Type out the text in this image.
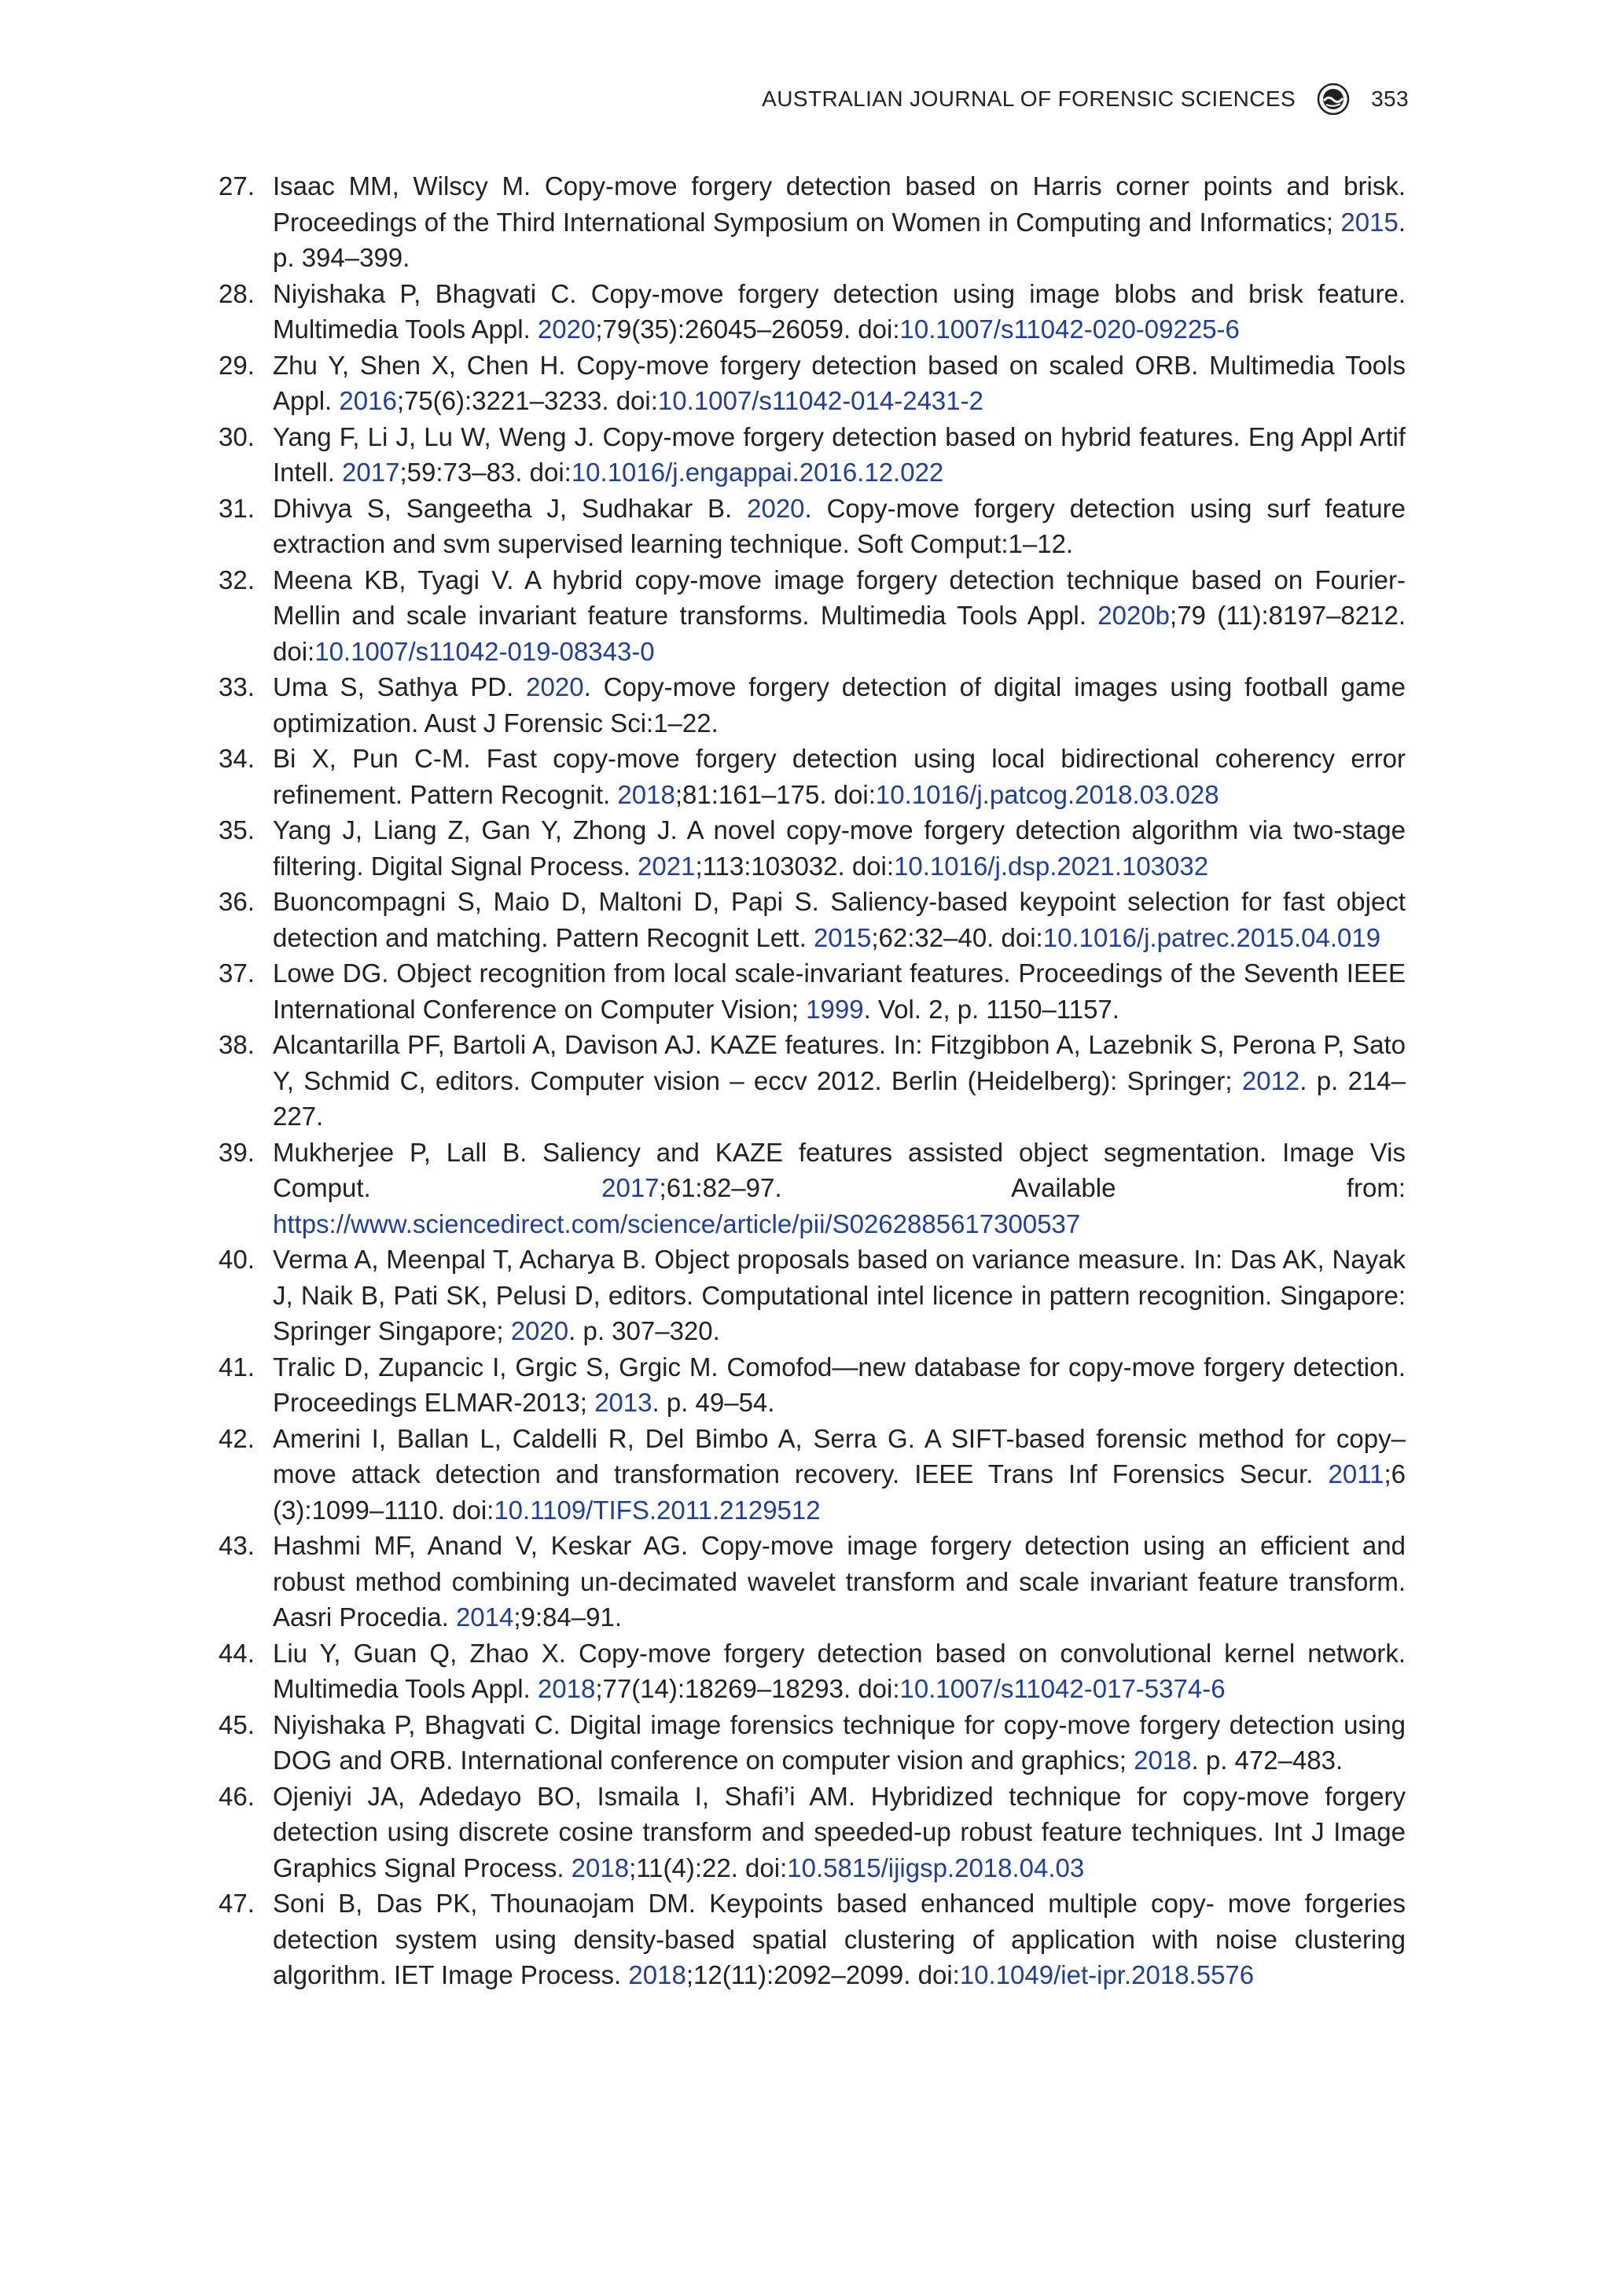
AUSTRALIAN JOURNAL OF FORENSIC SCIENCES	353
27. Isaac MM, Wilscy M. Copy-move forgery detection based on Harris corner points and brisk. Proceedings of the Third International Symposium on Women in Computing and Informatics; 2015. p. 394–399.
28. Niyishaka P, Bhagvati C. Copy-move forgery detection using image blobs and brisk feature. Multimedia Tools Appl. 2020;79(35):26045–26059. doi:10.1007/s11042-020-09225-6
29. Zhu Y, Shen X, Chen H. Copy-move forgery detection based on scaled ORB. Multimedia Tools Appl. 2016;75(6):3221–3233. doi:10.1007/s11042-014-2431-2
30. Yang F, Li J, Lu W, Weng J. Copy-move forgery detection based on hybrid features. Eng Appl Artif Intell. 2017;59:73–83. doi:10.1016/j.engappai.2016.12.022
31. Dhivya S, Sangeetha J, Sudhakar B. 2020. Copy-move forgery detection using surf feature extraction and svm supervised learning technique. Soft Comput:1–12.
32. Meena KB, Tyagi V. A hybrid copy-move image forgery detection technique based on Fourier-Mellin and scale invariant feature transforms. Multimedia Tools Appl. 2020b;79 (11):8197–8212. doi:10.1007/s11042-019-08343-0
33. Uma S, Sathya PD. 2020. Copy-move forgery detection of digital images using football game optimization. Aust J Forensic Sci:1–22.
34. Bi X, Pun C-M. Fast copy-move forgery detection using local bidirectional coherency error refinement. Pattern Recognit. 2018;81:161–175. doi:10.1016/j.patcog.2018.03.028
35. Yang J, Liang Z, Gan Y, Zhong J. A novel copy-move forgery detection algorithm via two-stage filtering. Digital Signal Process. 2021;113:103032. doi:10.1016/j.dsp.2021.103032
36. Buoncompagni S, Maio D, Maltoni D, Papi S. Saliency-based keypoint selection for fast object detection and matching. Pattern Recognit Lett. 2015;62:32–40. doi:10.1016/j.patrec.2015.04.019
37. Lowe DG. Object recognition from local scale-invariant features. Proceedings of the Seventh IEEE International Conference on Computer Vision; 1999. Vol. 2, p. 1150–1157.
38. Alcantarilla PF, Bartoli A, Davison AJ. KAZE features. In: Fitzgibbon A, Lazebnik S, Perona P, Sato Y, Schmid C, editors. Computer vision – eccv 2012. Berlin (Heidelberg): Springer; 2012. p. 214–227.
39. Mukherjee P, Lall B. Saliency and KAZE features assisted object segmentation. Image Vis Comput. 2017;61:82–97. Available from: https://www.sciencedirect.com/science/article/pii/S0262885617300537
40. Verma A, Meenpal T, Acharya B. Object proposals based on variance measure. In: Das AK, Nayak J, Naik B, Pati SK, Pelusi D, editors. Computational intel licence in pattern recognition. Singapore: Springer Singapore; 2020. p. 307–320.
41. Tralic D, Zupancic I, Grgic S, Grgic M. Comofod—new database for copy-move forgery detection. Proceedings ELMAR-2013; 2013. p. 49–54.
42. Amerini I, Ballan L, Caldelli R, Del Bimbo A, Serra G. A SIFT-based forensic method for copy–move attack detection and transformation recovery. IEEE Trans Inf Forensics Secur. 2011;6 (3):1099–1110. doi:10.1109/TIFS.2011.2129512
43. Hashmi MF, Anand V, Keskar AG. Copy-move image forgery detection using an efficient and robust method combining un-decimated wavelet transform and scale invariant feature transform. Aasri Procedia. 2014;9:84–91.
44. Liu Y, Guan Q, Zhao X. Copy-move forgery detection based on convolutional kernel network. Multimedia Tools Appl. 2018;77(14):18269–18293. doi:10.1007/s11042-017-5374-6
45. Niyishaka P, Bhagvati C. Digital image forensics technique for copy-move forgery detection using DOG and ORB. International conference on computer vision and graphics; 2018. p. 472–483.
46. Ojeniyi JA, Adedayo BO, Ismaila I, Shafi’i AM. Hybridized technique for copy-move forgery detection using discrete cosine transform and speeded-up robust feature techniques. Int J Image Graphics Signal Process. 2018;11(4):22. doi:10.5815/ijigsp.2018.04.03
47. Soni B, Das PK, Thounaojam DM. Keypoints based enhanced multiple copy- move forgeries detection system using density-based spatial clustering of application with noise clustering algorithm. IET Image Process. 2018;12(11):2092–2099. doi:10.1049/iet-ipr.2018.5576
